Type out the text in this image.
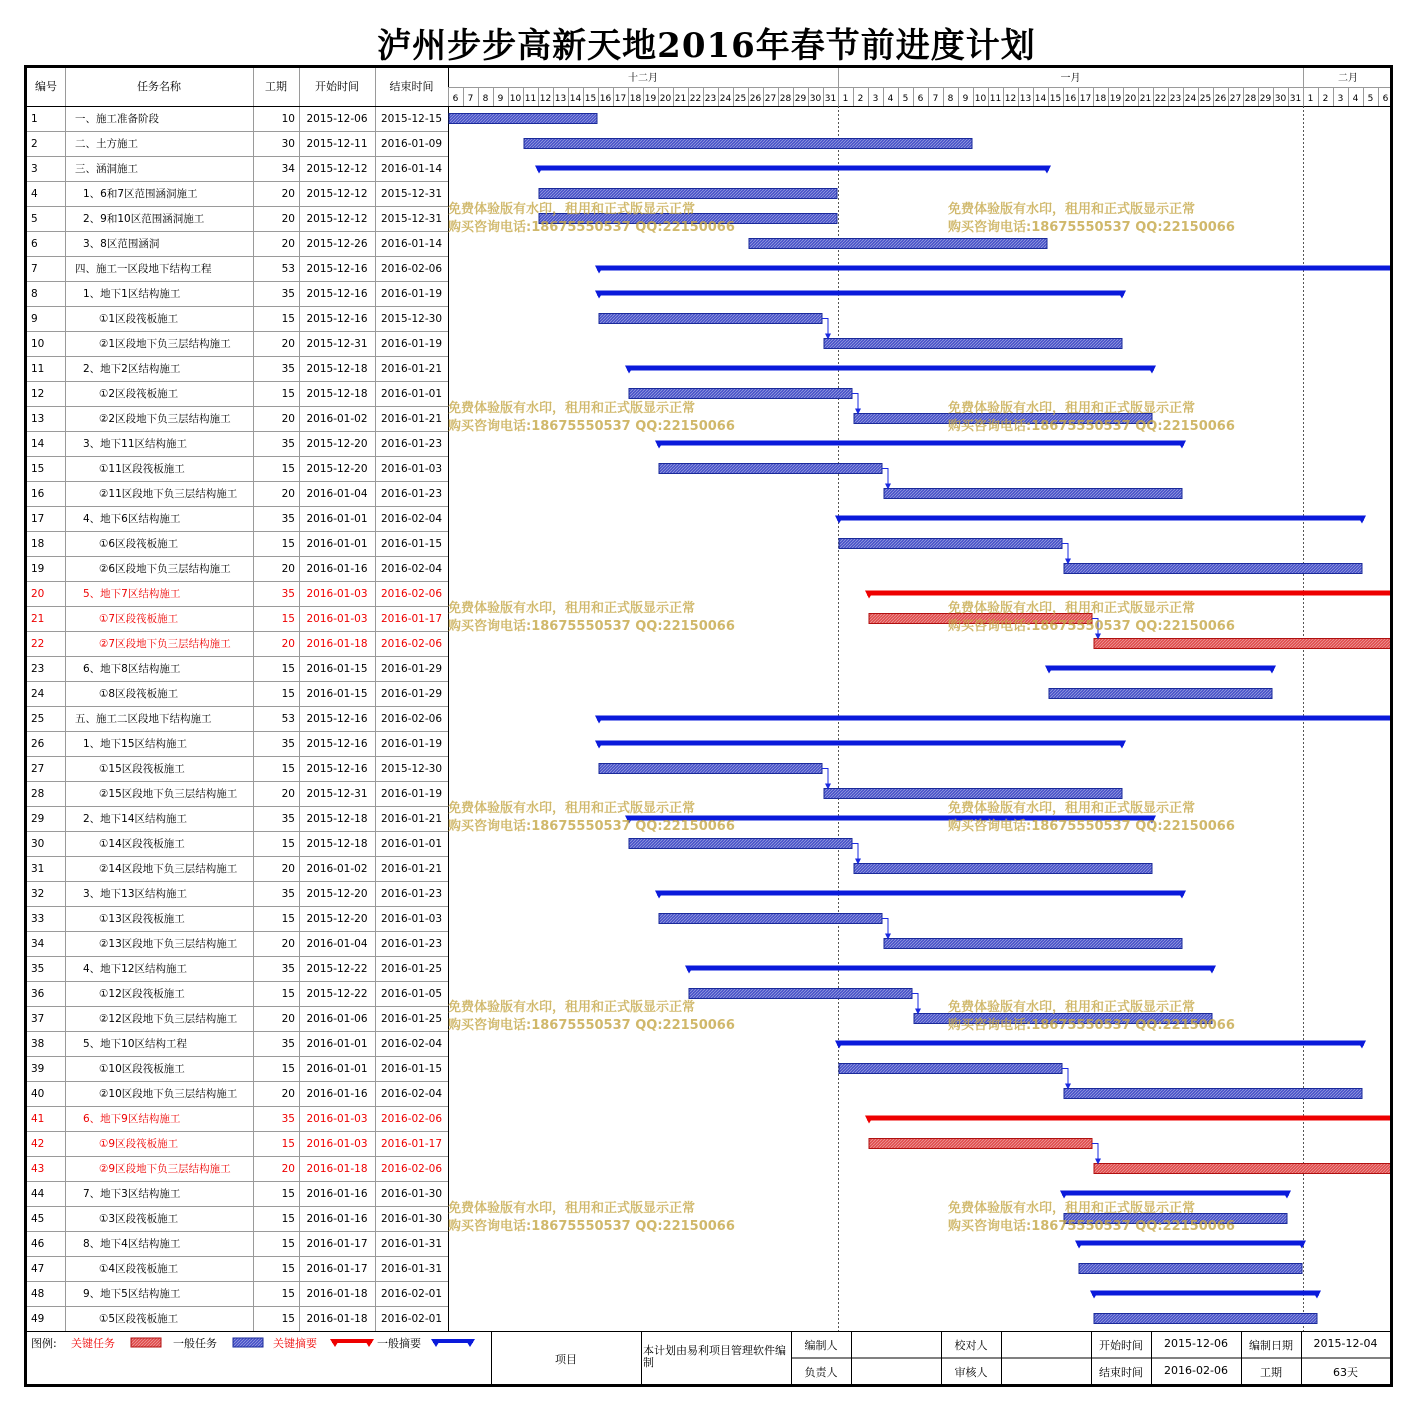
泸州步步高新天地2016年春节前进度计划
编号	任务名称	工期	开始时间	结束时间
1	一、施工准备阶段	10	2015-12-06	2015-12-15
2	二、土方施工	30	2015-12-11	2016-01-09
3	三、涵洞施工	34	2015-12-12	2016-01-14
4	1、6和7区范围涵洞施工	20	2015-12-12	2015-12-31
5	2、9和10区范围涵洞施工	20	2015-12-12	2015-12-31
6	3、8区范围涵洞	20	2015-12-26	2016-01-14
7	四、施工一区段地下结构工程	53	2015-12-16	2016-02-06
8	1、地下1区结构施工	35	2015-12-16	2016-01-19
9	①1区段筏板施工	15	2015-12-16	2015-12-30
10	②1区段地下负三层结构施工	20	2015-12-31	2016-01-19
11	2、地下2区结构施工	35	2015-12-18	2016-01-21
12	①2区段筏板施工	15	2015-12-18	2016-01-01
13	②2区段地下负三层结构施工	20	2016-01-02	2016-01-21
14	3、地下11区结构施工	35	2015-12-20	2016-01-23
15	①11区段筏板施工	15	2015-12-20	2016-01-03
16	②11区段地下负三层结构施工	20	2016-01-04	2016-01-23
17	4、地下6区结构施工	35	2016-01-01	2016-02-04
18	①6区段筏板施工	15	2016-01-01	2016-01-15
19	②6区段地下负三层结构施工	20	2016-01-16	2016-02-04
20	5、地下7区结构施工	35	2016-01-03	2016-02-06
21	①7区段筏板施工	15	2016-01-03	2016-01-17
22	②7区段地下负三层结构施工	20	2016-01-18	2016-02-06
23	6、地下8区结构施工	15	2016-01-15	2016-01-29
24	①8区段筏板施工	15	2016-01-15	2016-01-29
25	五、施工二区段地下结构施工	53	2015-12-16	2016-02-06
26	1、地下15区结构施工	35	2015-12-16	2016-01-19
27	①15区段筏板施工	15	2015-12-16	2015-12-30
28	②15区段地下负三层结构施工	20	2015-12-31	2016-01-19
29	2、地下14区结构施工	35	2015-12-18	2016-01-21
30	①14区段筏板施工	15	2015-12-18	2016-01-01
31	②14区段地下负三层结构施工	20	2016-01-02	2016-01-21
32	3、地下13区结构施工	35	2015-12-20	2016-01-23
33	①13区段筏板施工	15	2015-12-20	2016-01-03
34	②13区段地下负三层结构施工	20	2016-01-04	2016-01-23
35	4、地下12区结构施工	35	2015-12-22	2016-01-25
36	①12区段筏板施工	15	2015-12-22	2016-01-05
37	②12区段地下负三层结构施工	20	2016-01-06	2016-01-25
38	5、地下10区结构工程	35	2016-01-01	2016-02-04
39	①10区段筏板施工	15	2016-01-01	2016-01-15
40	②10区段地下负三层结构施工	20	2016-01-16	2016-02-04
41	6、地下9区结构施工	35	2016-01-03	2016-02-06
42	①9区段筏板施工	15	2016-01-03	2016-01-17
43	②9区段地下负三层结构施工	20	2016-01-18	2016-02-06
44	7、地下3区结构施工	15	2016-01-16	2016-01-30
45	①3区段筏板施工	15	2016-01-16	2016-01-30
46	8、地下4区结构施工	15	2016-01-17	2016-01-31
47	①4区段筏板施工	15	2016-01-17	2016-01-31
48	9、地下5区结构施工	15	2016-01-18	2016-02-01
49	①5区段筏板施工	15	2016-01-18	2016-02-01
十二月	一月	二月
6 7 8 9 10 11 12 13 14 15 16 17 18 19 20 21 22 23 24 25 26 27 28 29 30 31 1 2 3 4 5 6 7 8 9 10 11 12 13 14 15 16 17 18 19 20 21 22 23 24 25 26 27 28 29 30 31 1 2 3 4 5 6
免费体验版有水印，租用和正式版显示正常
购买咨询电话:18675550537 QQ:22150066
免费体验版有水印，租用和正式版显示正常
购买咨询电话:18675550537 QQ:22150066
免费体验版有水印，租用和正式版显示正常
购买咨询电话:18675550537 QQ:22150066
免费体验版有水印，租用和正式版显示正常
购买咨询电话:18675550537 QQ:22150066
免费体验版有水印，租用和正式版显示正常
购买咨询电话:18675550537 QQ:22150066
免费体验版有水印，租用和正式版显示正常
购买咨询电话:18675550537 QQ:22150066
免费体验版有水印，租用和正式版显示正常
购买咨询电话:18675550537 QQ:22150066
免费体验版有水印，租用和正式版显示正常
购买咨询电话:18675550537 QQ:22150066
免费体验版有水印，租用和正式版显示正常
购买咨询电话:18675550537 QQ:22150066
免费体验版有水印，租用和正式版显示正常
购买咨询电话:18675550537 QQ:22150066
免费体验版有水印，租用和正式版显示正常
购买咨询电话:18675550537 QQ:22150066
免费体验版有水印，租用和正式版显示正常
购买咨询电话:18675550537 QQ:22150066
图例: 关键任务	一般任务	关键摘要	一般摘要
项目
本计划由易利项目管理软件编制
编制人
负责人
校对人
审核人
开始时间	2015-12-06
结束时间	2016-02-06
编制日期	2015-12-04
工期	63天
